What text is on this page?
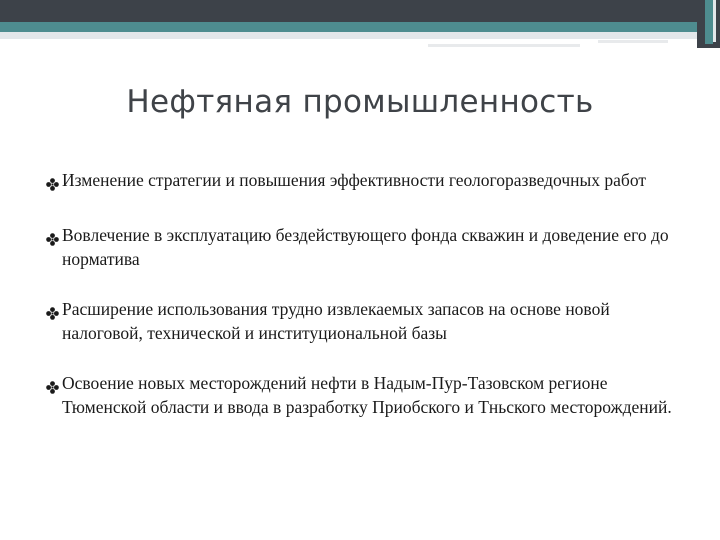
Нефтяная промышленность
Изменение стратегии и повышения эффективности геологоразведочных работ
Вовлечение в эксплуатацию бездействующего фонда скважин и доведение его до норматива
Расширение использования трудно извлекаемых запасов на основе новой налоговой, технической и институциональной базы
Освоение новых месторождений нефти в Надым-Пур-Тазовском регионе Тюменской области и ввода в разработку Приобского и Тньского месторождений.
